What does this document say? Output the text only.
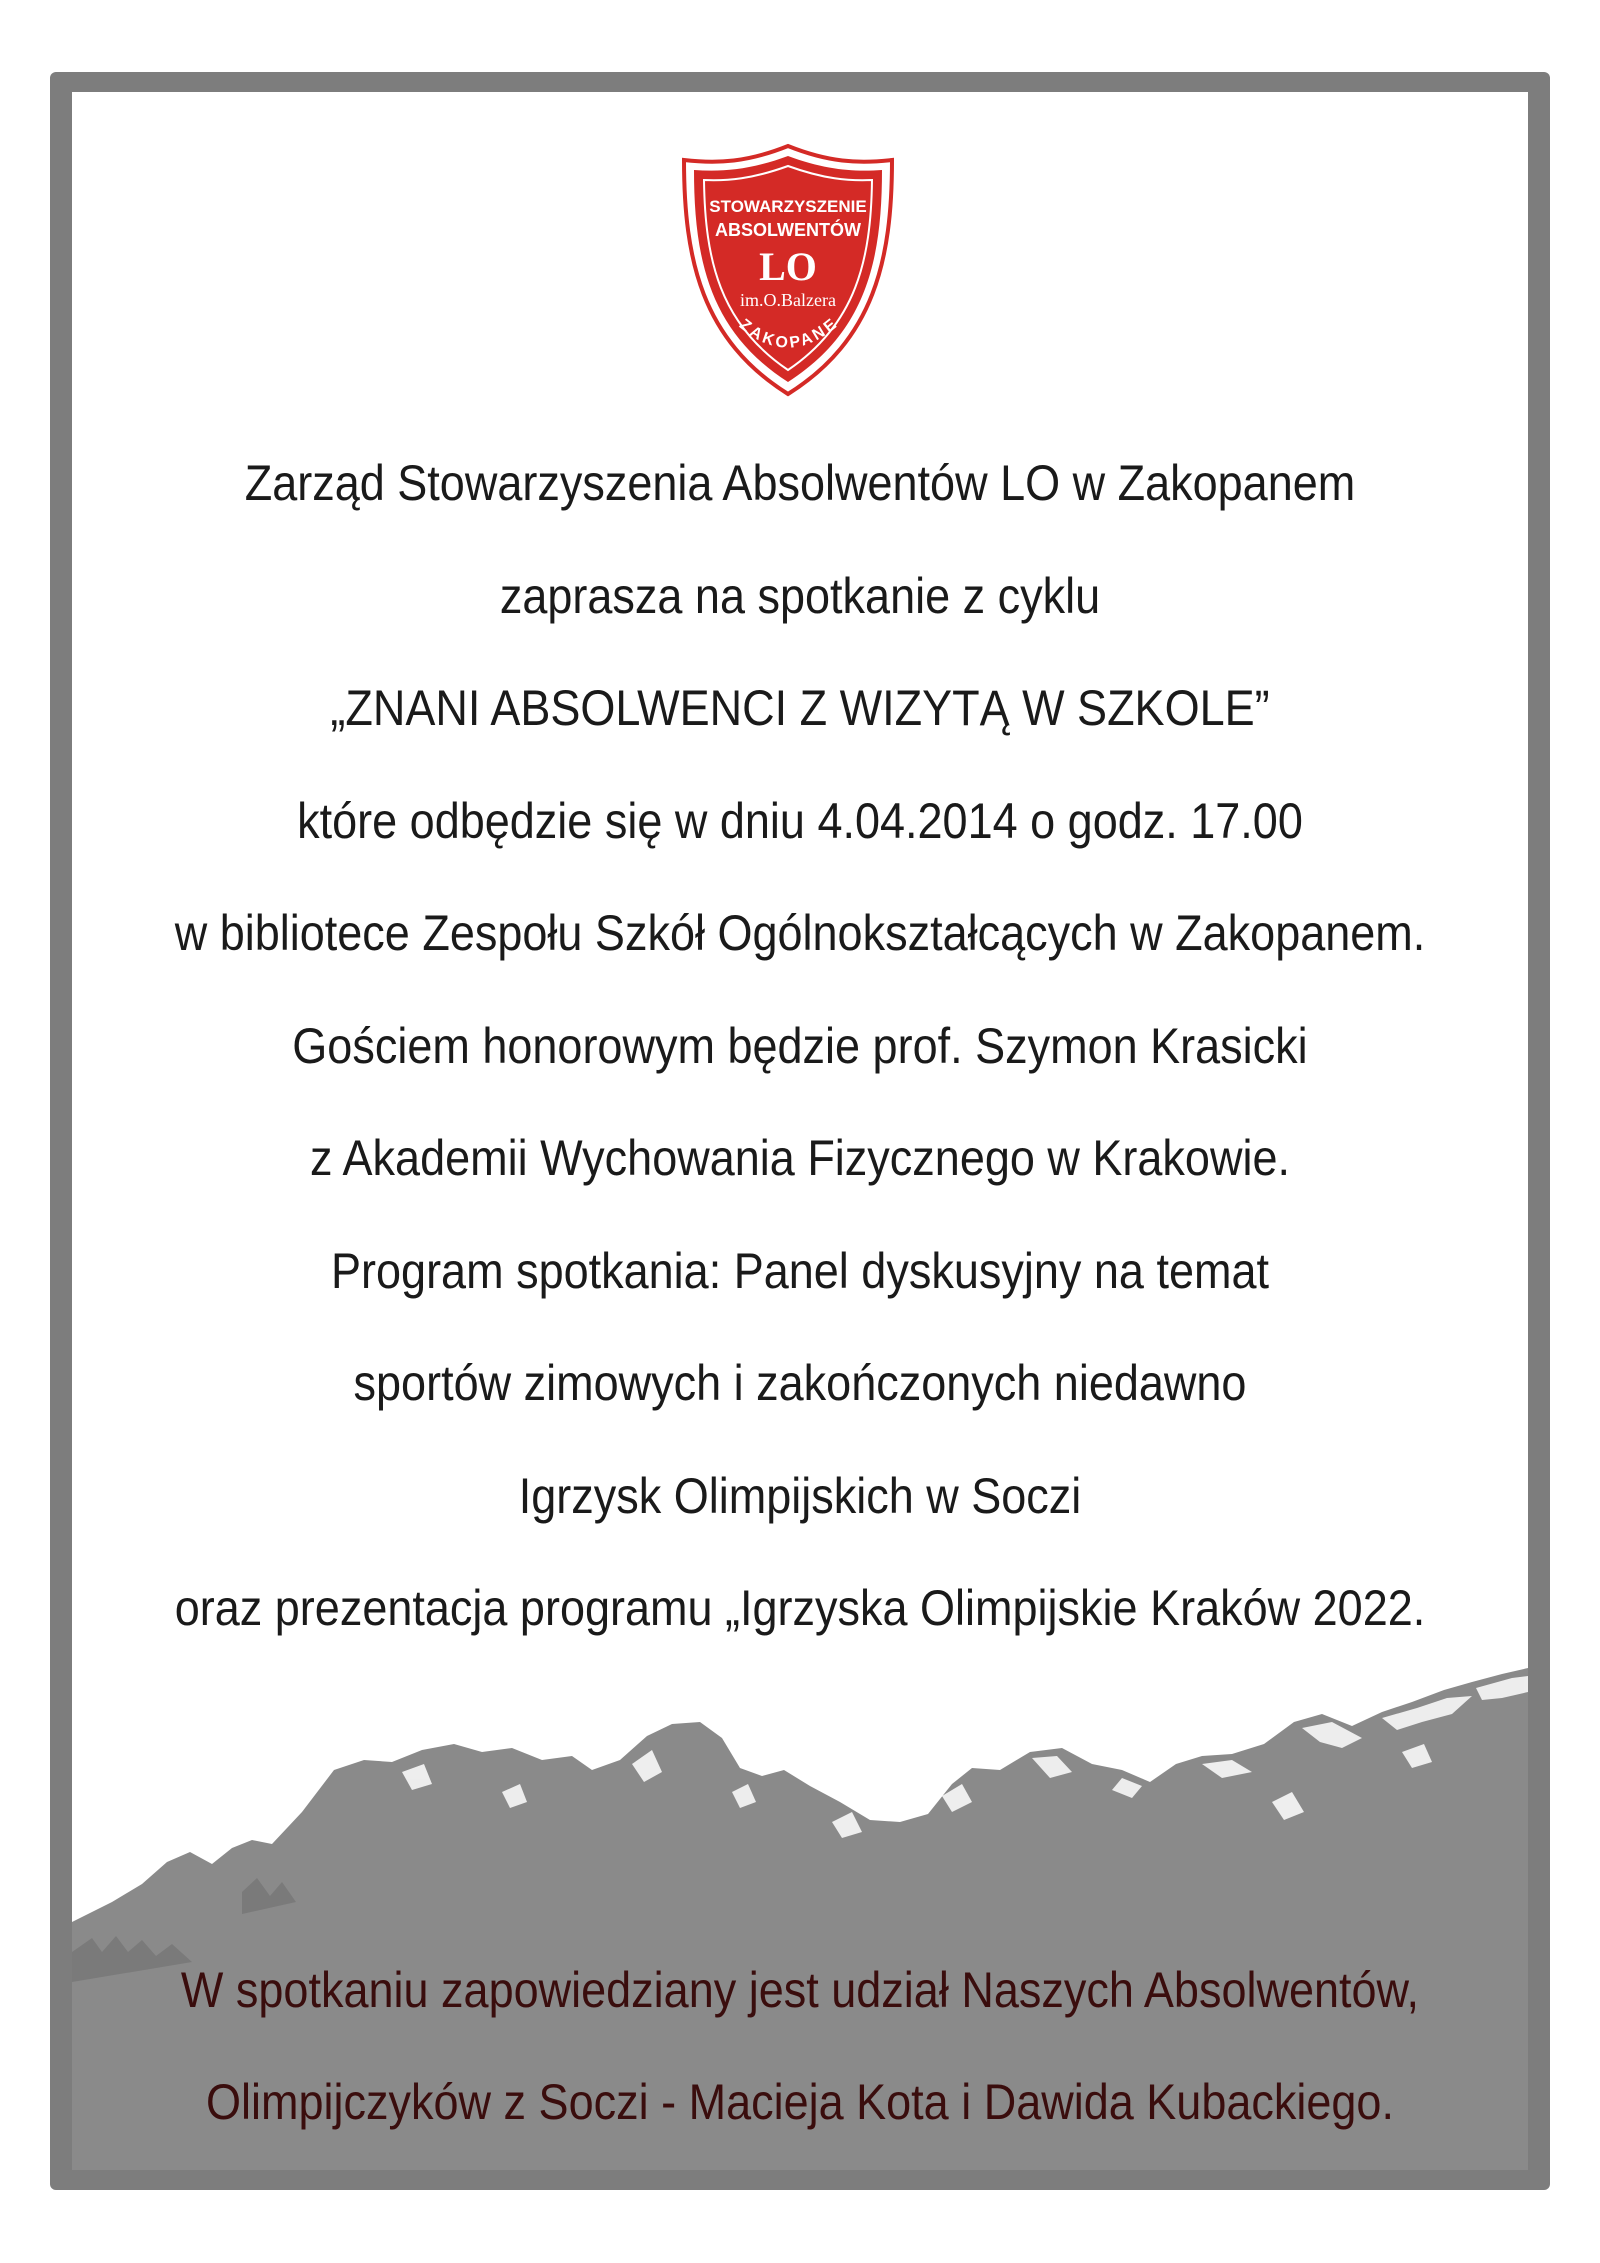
STOWARZYSZENIE
ABSOLWENTÓW
LO
im.O.Balzera
ZAKOPANE
Zarząd Stowarzyszenia Absolwentów LO w Zakopanem
zaprasza na spotkanie z cyklu
„ZNANI ABSOLWENCI Z WIZYTĄ W SZKOLE”
które odbędzie się w dniu 4.04.2014 o godz. 17.00
w bibliotece Zespołu Szkół Ogólnokształcących w Zakopanem.
Gościem honorowym będzie prof. Szymon Krasicki
z Akademii Wychowania Fizycznego w Krakowie.
Program spotkania: Panel dyskusyjny na temat
sportów zimowych i zakończonych niedawno
Igrzysk Olimpijskich w Soczi
oraz prezentacja programu „Igrzyska Olimpijskie Kraków 2022.
W spotkaniu zapowiedziany jest udział Naszych Absolwentów,
Olimpijczyków z Soczi - Macieja Kota i Dawida Kubackiego.
